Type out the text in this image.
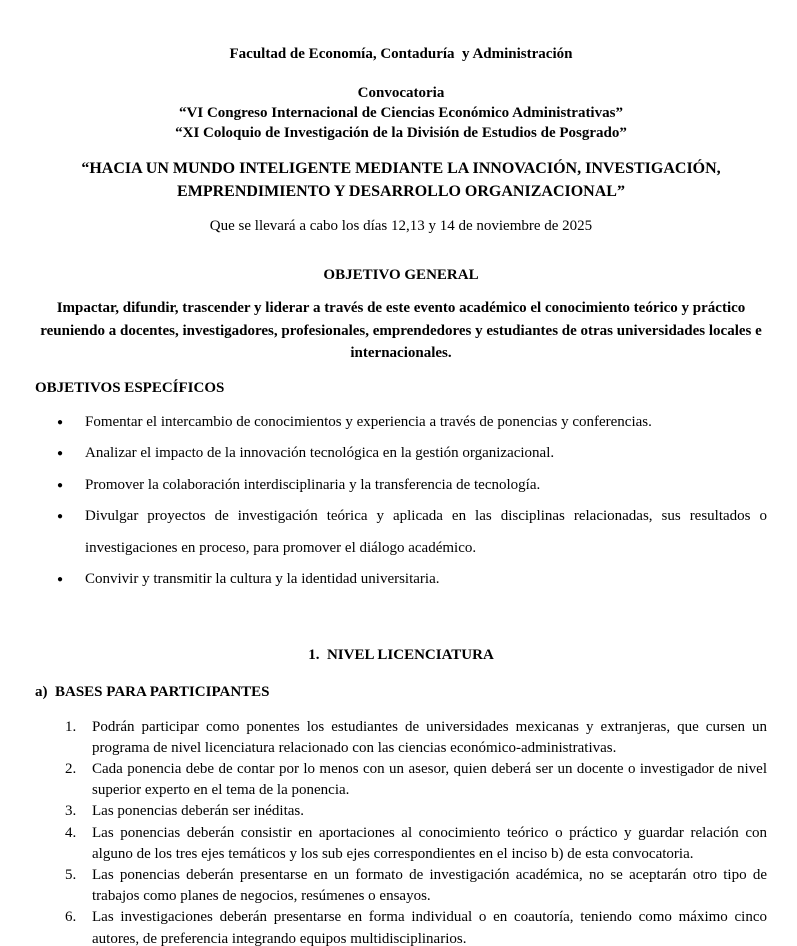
Facultad de Economía, Contaduría  y Administración
Convocatoria
“VI Congreso Internacional de Ciencias Económico Administrativas”
“XI Coloquio de Investigación de la División de Estudios de Posgrado”
“HACIA UN MUNDO INTELIGENTE MEDIANTE LA INNOVACIÓN, INVESTIGACIÓN, EMPRENDIMIENTO Y DESARROLLO ORGANIZACIONAL”
Que se llevará a cabo los días 12,13 y 14 de noviembre de 2025
OBJETIVO GENERAL
Impactar, difundir, trascender y liderar a través de este evento académico el conocimiento teórico y práctico reuniendo a docentes, investigadores, profesionales, emprendedores y estudiantes de otras universidades locales e internacionales.
OBJETIVOS ESPECÍFICOS
●	Fomentar el intercambio de conocimientos y experiencia a través de ponencias y conferencias.
●	Analizar el impacto de la innovación tecnológica en la gestión organizacional.
●	Promover la colaboración interdisciplinaria y la transferencia de tecnología.
●	Divulgar proyectos de investigación teórica y aplicada en las disciplinas relacionadas, sus resultados o investigaciones en proceso, para promover el diálogo académico.
●	Convivir y transmitir la cultura y la identidad universitaria.
1.  NIVEL LICENCIATURA
a)  BASES PARA PARTICIPANTES
1.	Podrán participar como ponentes los estudiantes de universidades mexicanas y extranjeras, que cursen un programa de nivel licenciatura relacionado con las ciencias económico-administrativas.
2.	Cada ponencia debe de contar por lo menos con un asesor, quien deberá ser un docente o investigador de nivel superior experto en el tema de la ponencia.
3.	Las ponencias deberán ser inéditas.
4.	Las ponencias deberán consistir en aportaciones al conocimiento teórico o práctico y guardar relación con alguno de los tres ejes temáticos y los sub ejes correspondientes en el inciso b) de esta convocatoria.
5.	Las ponencias deberán presentarse en un formato de investigación académica, no se aceptarán otro tipo de trabajos como planes de negocios, resúmenes o ensayos.
6.	Las investigaciones deberán presentarse en forma individual o en coautoría, teniendo como máximo cinco autores, de preferencia integrando equipos multidisciplinarios.
